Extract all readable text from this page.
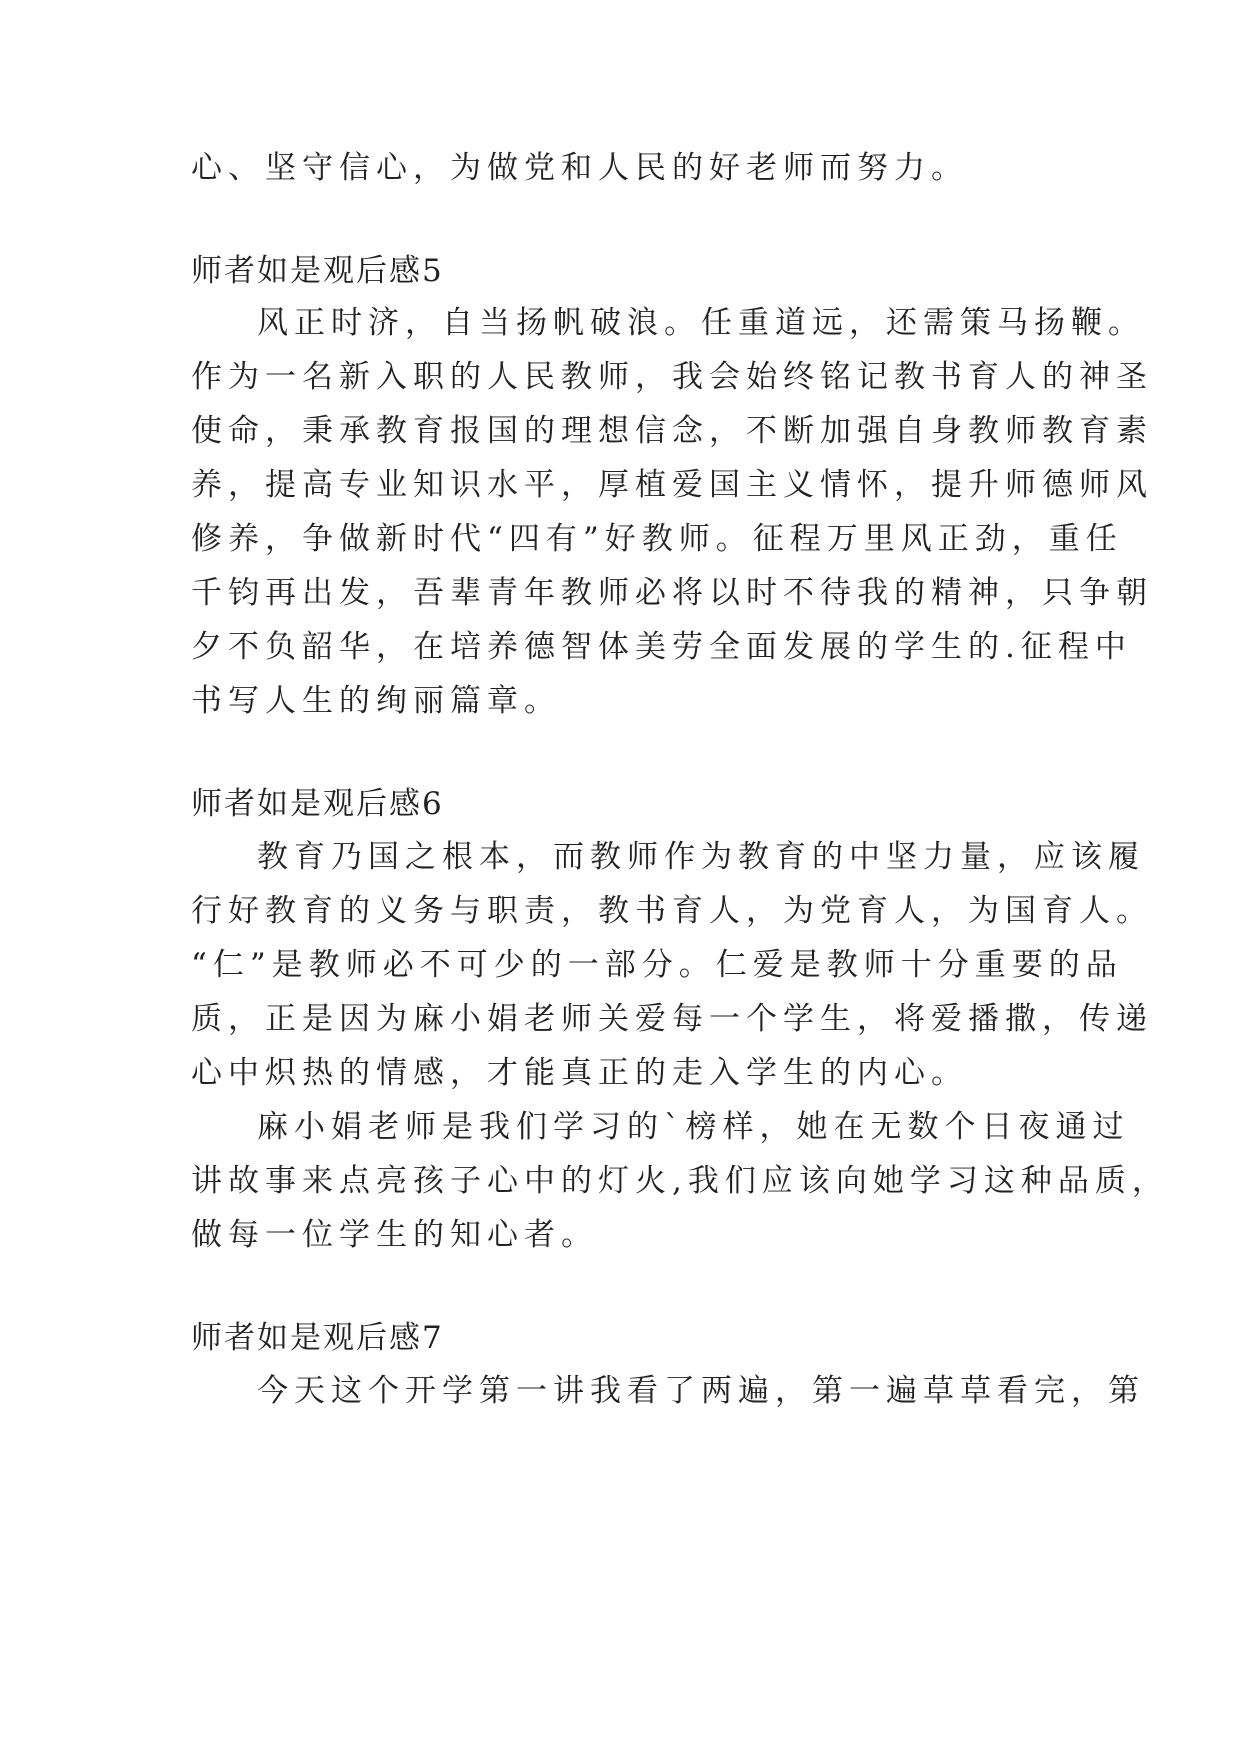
心、坚守信心，为做党和人民的好老师而努力。
师者如是观后感5
风正时济，自当扬帆破浪。任重道远，还需策马扬鞭。
作为一名新入职的人民教师，我会始终铭记教书育人的神圣
使命，秉承教育报国的理想信念，不断加强自身教师教育素
养，提高专业知识水平，厚植爱国主义情怀，提升师德师风
修养，争做新时代“四有”好教师。征程万里风正劲，重任
千钧再出发，吾辈青年教师必将以时不待我的精神，只争朝
夕不负韶华，在培养德智体美劳全面发展的学生的.征程中
书写人生的绚丽篇章。
师者如是观后感6
教育乃国之根本，而教师作为教育的中坚力量，应该履
行好教育的义务与职责，教书育人，为党育人，为国育人。
“仁”是教师必不可少的一部分。仁爱是教师十分重要的品
质，正是因为麻小娟老师关爱每一个学生，将爱播撒，传递
心中炽热的情感，才能真正的走入学生的内心。
麻小娟老师是我们学习的`榜样，她在无数个日夜通过
讲故事来点亮孩子心中的灯火,我们应该向她学习这种品质，
做每一位学生的知心者。
师者如是观后感7
今天这个开学第一讲我看了两遍，第一遍草草看完，第
